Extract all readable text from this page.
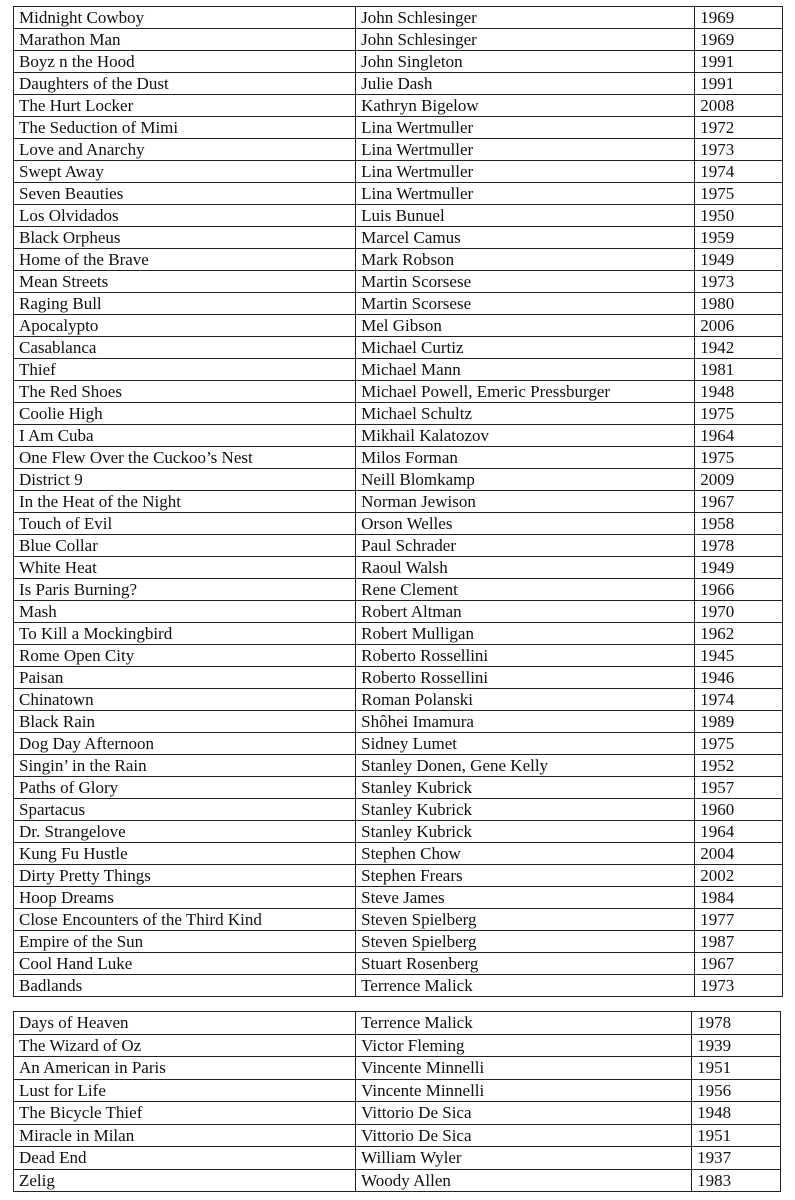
Midnight Cowboy	John Schlesinger	1969
Marathon Man	John Schlesinger	1969
Boyz n the Hood	John Singleton	1991
Daughters of the Dust	Julie Dash	1991
The Hurt Locker	Kathryn Bigelow	2008
The Seduction of Mimi	Lina Wertmuller	1972
Love and Anarchy	Lina Wertmuller	1973
Swept Away	Lina Wertmuller	1974
Seven Beauties	Lina Wertmuller	1975
Los Olvidados	Luis Bunuel	1950
Black Orpheus	Marcel Camus	1959
Home of the Brave	Mark Robson	1949
Mean Streets	Martin Scorsese	1973
Raging Bull	Martin Scorsese	1980
Apocalypto	Mel Gibson	2006
Casablanca	Michael Curtiz	1942
Thief	Michael Mann	1981
The Red Shoes	Michael Powell, Emeric Pressburger	1948
Coolie High	Michael Schultz	1975
I Am Cuba	Mikhail Kalatozov	1964
One Flew Over the Cuckoo’s Nest	Milos Forman	1975
District 9	Neill Blomkamp	2009
In the Heat of the Night	Norman Jewison	1967
Touch of Evil	Orson Welles	1958
Blue Collar	Paul Schrader	1978
White Heat	Raoul Walsh	1949
Is Paris Burning?	Rene Clement	1966
Mash	Robert Altman	1970
To Kill a Mockingbird	Robert Mulligan	1962
Rome Open City	Roberto Rossellini	1945
Paisan	Roberto Rossellini	1946
Chinatown	Roman Polanski	1974
Black Rain	Shôhei Imamura	1989
Dog Day Afternoon	Sidney Lumet	1975
Singin’ in the Rain	Stanley Donen, Gene Kelly	1952
Paths of Glory	Stanley Kubrick	1957
Spartacus	Stanley Kubrick	1960
Dr. Strangelove	Stanley Kubrick	1964
Kung Fu Hustle	Stephen Chow	2004
Dirty Pretty Things	Stephen Frears	2002
Hoop Dreams	Steve James	1984
Close Encounters of the Third Kind	Steven Spielberg	1977
Empire of the Sun	Steven Spielberg	1987
Cool Hand Luke	Stuart Rosenberg	1967
Badlands	Terrence Malick	1973
Days of Heaven	Terrence Malick	1978
The Wizard of Oz	Victor Fleming	1939
An American in Paris	Vincente Minnelli	1951
Lust for Life	Vincente Minnelli	1956
The Bicycle Thief	Vittorio De Sica	1948
Miracle in Milan	Vittorio De Sica	1951
Dead End	William Wyler	1937
Zelig	Woody Allen	1983
